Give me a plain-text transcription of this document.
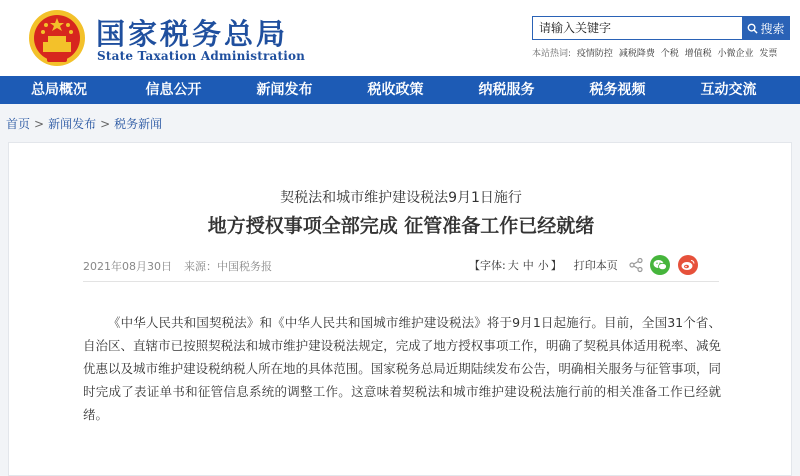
国家税务总局
State Taxation Administration
请输入关键字	搜索
本站热词: 疫情防控 减税降费 个税 增值税 小微企业 发票
总局概况	信息公开	新闻发布	税收政策	纳税服务	税务视频	互动交流
首页 > 新闻发布 > 税务新闻
契税法和城市维护建设税法9月1日施行
地方授权事项全部完成 征管准备工作已经就绪
2021年08月30日 来源：中国税务报	【字体: 大 中 小 】 打印本页

《中华人民共和国契税法》和《中华人民共和国城市维护建设税法》将于9月1日起施行。目前，全国31个省、自治区、直辖市已按照契税法和城市维护建设税法规定，完成了地方授权事项工作，明确了契税具体适用税率、减免优惠以及城市维护建设税纳税人所在地的具体范围。国家税务总局近期陆续发布公告，明确相关服务与征管事项，同时完成了表证单书和征管信息系统的调整工作。这意味着契税法和城市维护建设税法施行前的相关准备工作已经就绪。
